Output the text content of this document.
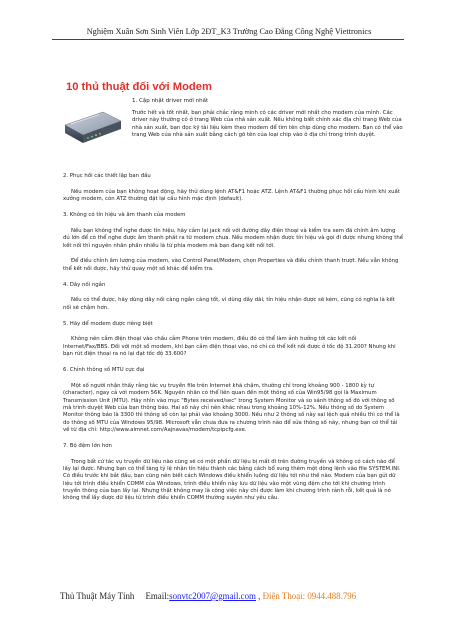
Nghiệm Xuân Sơn Sinh Viên Lớp 2ĐT_K3 Trường Cao Đẳng Công Nghệ Viettronics
10 thủ thuật đối với Modem
1. Cập nhật driver mới nhất
Trước hết và tốt nhất, bạn phải chắc rằng mình có các driver mới nhất cho modem của mình. Các driver này thường có ở trang Web của nhà sản xuất. Nếu không biết chính xác địa chỉ trang Web của nhà sản xuất, bạn đọc kỹ tài liệu kèm theo modem để tìm tên chip dùng cho modem. Bạn có thể vào trang Web của nhà sản xuất bằng cách gõ tên của loại chip vào ô địa chỉ trong trình duyệt.
2. Phục hồi các thiết lập ban đầu
Nếu modem của bạn không hoạt động, hãy thử dùng lệnh AT&F1 hoặc ATZ. Lệnh AT&F1 thường phục hồi cấu hình khi xuất xưởng modem, còn ATZ thường đặt lại cấu hình mặc định (default).
3. Không có tín hiệu và âm thanh của modem
Nếu bạn không thể nghe được tín hiệu, hãy cắm lại jack nối với đường dây điện thoại và kiểm tra xem đã chính âm lượng đủ lớn để có thể nghe được âm thanh phát ra từ modem chưa. Nếu modem nhận được tín hiệu và gọi đi được nhưng không thể kết nối thì nguyên nhân phần nhiều là từ phía modem mà bạn đang kết nối tới.
Để điều chỉnh âm lượng của modem, vào Control Panel/Modem, chọn Properties và điều chỉnh thanh trượt. Nếu vẫn không thể kết nối được, hãy thử quay một số khác để kiểm tra.
4. Dây nối ngắn
Nếu có thể được, hãy dùng dây nối càng ngắn càng tốt, vì dùng dây dài, tín hiệu nhận được sẽ kém, cũng có nghĩa là kết nối sẽ chậm hơn.
5. Hãy để modem được riêng biệt
Không nên cắm điện thoại vào chấu cắm Phone trên modem, điều đó có thể làm ảnh hưởng tới các kết nối Internet/Fax/BBS. Đối với một số modem, khi bạn cắm điện thoại vào, nó chỉ có thể kết nối được ở tốc độ 31.200? Nhưng khi bạn rút điện thoại ra nó lại đạt tốc độ 33.600?
6. Chỉnh thông số MTU cực đại
Một số người nhận thấy rằng tác vụ truyền file trên Internet khá chậm, thường chỉ trong khoảng 900 - 1800 kỳ tự (character), ngay cả với modem 56K. Nguyên nhân có thể liên quan đến một thông số của Win95/98 gọi là Maximum Transmission Unit (MTU). Hãy nhìn vào mục "Bytes received/sec" trong System Monitor và so sánh thông số đó với thông số mà trình duyệt Web của bạn thông báo. Hai số này chỉ nên khác nhau trong khoảng 10%-12%. Nếu thông số do System Monitor thông báo là 3300 thì thông số còn lại phải vào khoảng 3000. Nếu như 2 thông số này sai lệch quá nhiều thì có thể là do thông số MTU của Windows 95/98. Microsoft vẫn chưa đưa ra chương trình nào để sửa thông số này, nhưng bạn có thể tải về từ địa chỉ: http://www.aimnet.com/Aajnavas/modem/tcpipcfg.exe.
7. Bộ đệm lớn hơn
Trong bất cứ tác vụ truyền dữ liệu nào cũng sẽ có một phần dữ liệu bị mất đi trên đường truyền và không có cách nào để lấy lại được. Nhưng bạn có thể tăng tỷ lệ nhận tín hiệu thành các bằng cách bổ sung thêm một dòng lệnh vào file SYSTEM.INI. Có điều trước khi bắt đầu, bạn cũng nên biết cách Windows điều khiển luồng dữ liệu tới như thế nào. Modem của bạn gửi dữ liệu tới trình điều khiển COMM của Windows, trình điều khiển này lưu dữ liệu vào một vùng đệm cho tới khi chương trình truyền thông của bạn lấy lại. Nhưng thật không may là công việc này chỉ được làm khi chương trình rảnh rỗi, kết quả là nó không thể lấy được dữ liệu từ trình điều khiển COMM thường xuyên như yêu cầu.
Thủ Thuật Máy Tính Email:sonvtc2007@gmail.com , Điện Thoại: 0944.488.796
